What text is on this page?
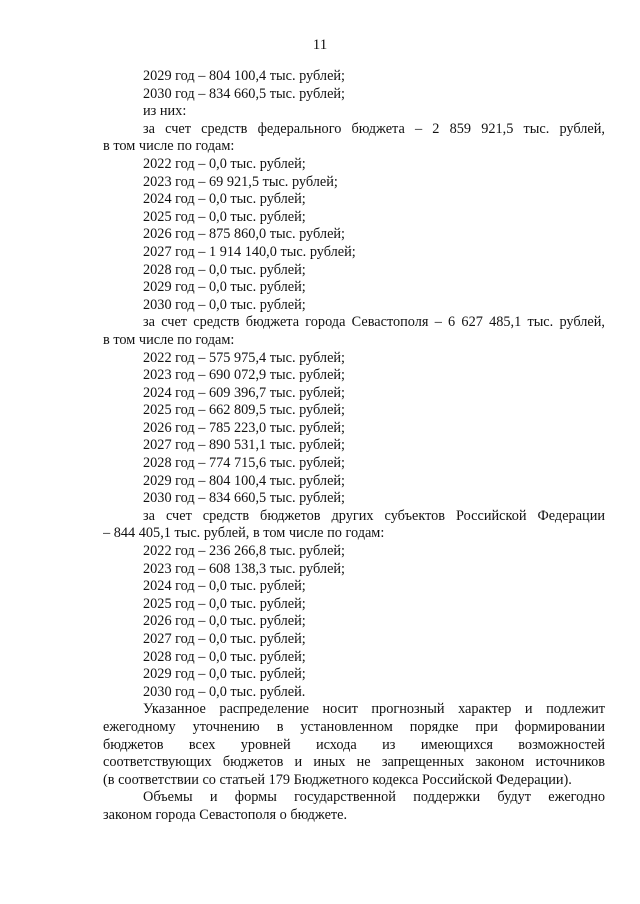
11
2029 год – 804 100,4 тыс. рублей;
2030 год – 834 660,5 тыс. рублей;
из них:
за счет средств федерального бюджета – 2 859 921,5 тыс. рублей,
в том числе по годам:
2022 год – 0,0 тыс. рублей;
2023 год – 69 921,5 тыс. рублей;
2024 год – 0,0 тыс. рублей;
2025 год – 0,0 тыс. рублей;
2026 год – 875 860,0 тыс. рублей;
2027 год – 1 914 140,0 тыс. рублей;
2028 год – 0,0 тыс. рублей;
2029 год – 0,0 тыс. рублей;
2030 год – 0,0 тыс. рублей;
за счет средств бюджета города Севастополя – 6 627 485,1 тыс. рублей,
в том числе по годам:
2022 год – 575 975,4 тыс. рублей;
2023 год – 690 072,9 тыс. рублей;
2024 год – 609 396,7 тыс. рублей;
2025 год – 662 809,5 тыс. рублей;
2026 год – 785 223,0 тыс. рублей;
2027 год – 890 531,1 тыс. рублей;
2028 год – 774 715,6 тыс. рублей;
2029 год – 804 100,4 тыс. рублей;
2030 год – 834 660,5 тыс. рублей;
за счет средств бюджетов других субъектов Российской Федерации
– 844 405,1 тыс. рублей, в том числе по годам:
2022 год – 236 266,8 тыс. рублей;
2023 год – 608 138,3 тыс. рублей;
2024 год – 0,0 тыс. рублей;
2025 год – 0,0 тыс. рублей;
2026 год – 0,0 тыс. рублей;
2027 год – 0,0 тыс. рублей;
2028 год – 0,0 тыс. рублей;
2029 год – 0,0 тыс. рублей;
2030 год – 0,0 тыс. рублей.
Указанное распределение носит прогнозный характер и подлежит
ежегодному уточнению в установленном порядке при формировании
бюджетов всех уровней исхода из имеющихся возможностей
соответствующих бюджетов и иных не запрещенных законом источников
(в соответствии со статьей 179 Бюджетного кодекса Российской Федерации).
Объемы и формы государственной поддержки будут ежегодно
законом города Севастополя о бюджете.
